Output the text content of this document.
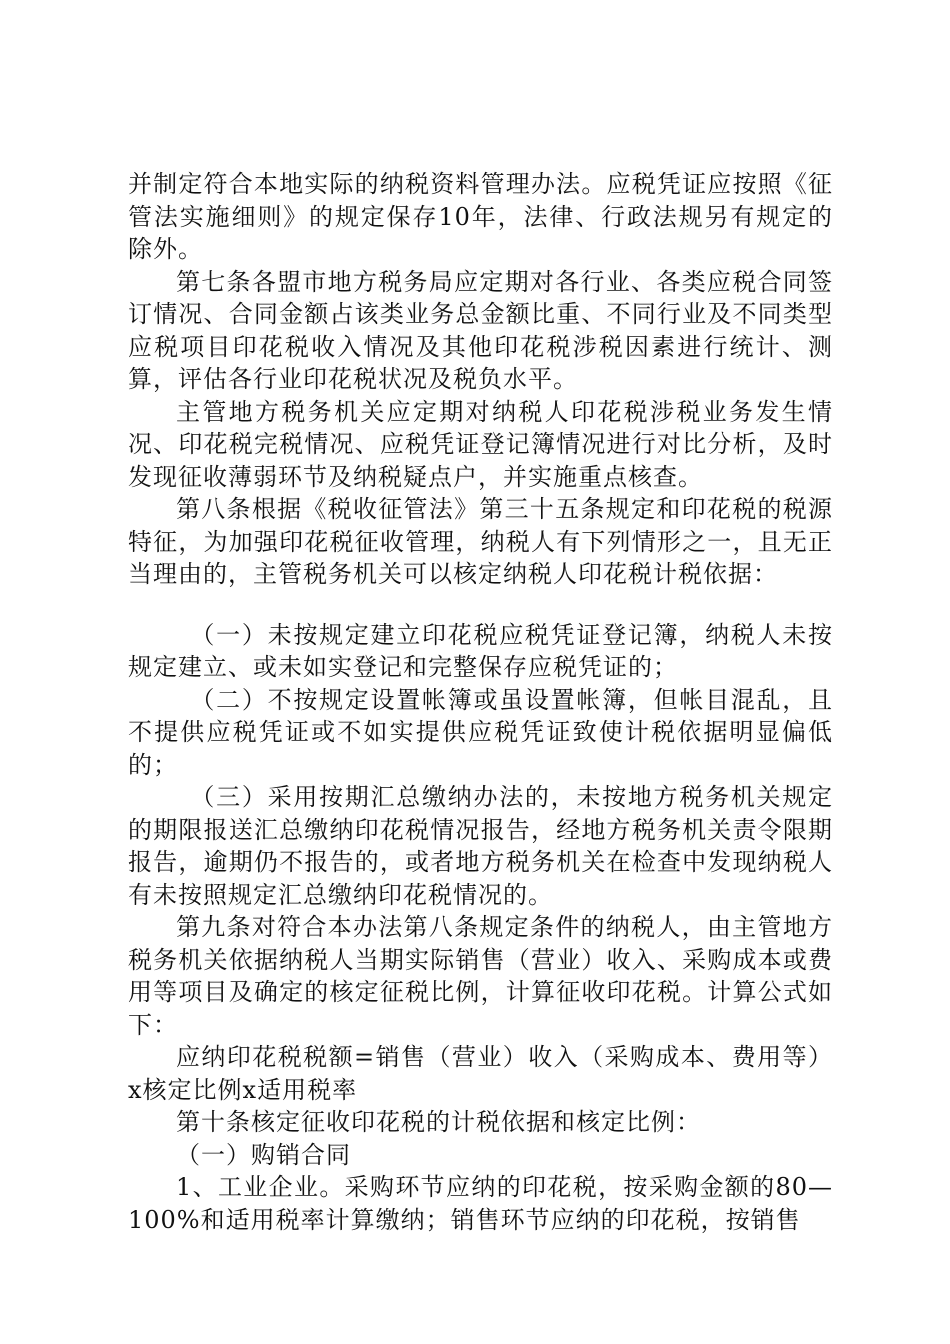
并制定符合本地实际的纳税资料管理办法。应税凭证应按照《征管法实施细则》的规定保存10年，法律、行政法规另有规定的除外。

第七条各盟市地方税务局应定期对各行业、各类应税合同签订情况、合同金额占该类业务总金额比重、不同行业及不同类型应税项目印花税收入情况及其他印花税涉税因素进行统计、测算，评估各行业印花税状况及税负水平。

主管地方税务机关应定期对纳税人印花税涉税业务发生情况、印花税完税情况、应税凭证登记簿情况进行对比分析，及时发现征收薄弱环节及纳税疑点户，并实施重点核查。

第八条根据《税收征管法》第三十五条规定和印花税的税源特征，为加强印花税征收管理，纳税人有下列情形之一，且无正当理由的，主管税务机关可以核定纳税人印花税计税依据：

（一）未按规定建立印花税应税凭证登记簿，纳税人未按规定建立、或未如实登记和完整保存应税凭证的；

（二）不按规定设置帐簿或虽设置帐簿，但帐目混乱，且不提供应税凭证或不如实提供应税凭证致使计税依据明显偏低的；

（三）采用按期汇总缴纳办法的，未按地方税务机关规定的期限报送汇总缴纳印花税情况报告，经地方税务机关责令限期报告，逾期仍不报告的，或者地方税务机关在检查中发现纳税人有未按照规定汇总缴纳印花税情况的。

第九条对符合本办法第八条规定条件的纳税人，由主管地方税务机关依据纳税人当期实际销售（营业）收入、采购成本或费用等项目及确定的核定征税比例，计算征收印花税。计算公式如下：

应纳印花税税额=销售（营业）收入（采购成本、费用等）x核定比例x适用税率

第十条核定征收印花税的计税依据和核定比例：

（一）购销合同

1、工业企业。采购环节应纳的印花税，按采购金额的80—100%和适用税率计算缴纳；销售环节应纳的印花税，按销售
